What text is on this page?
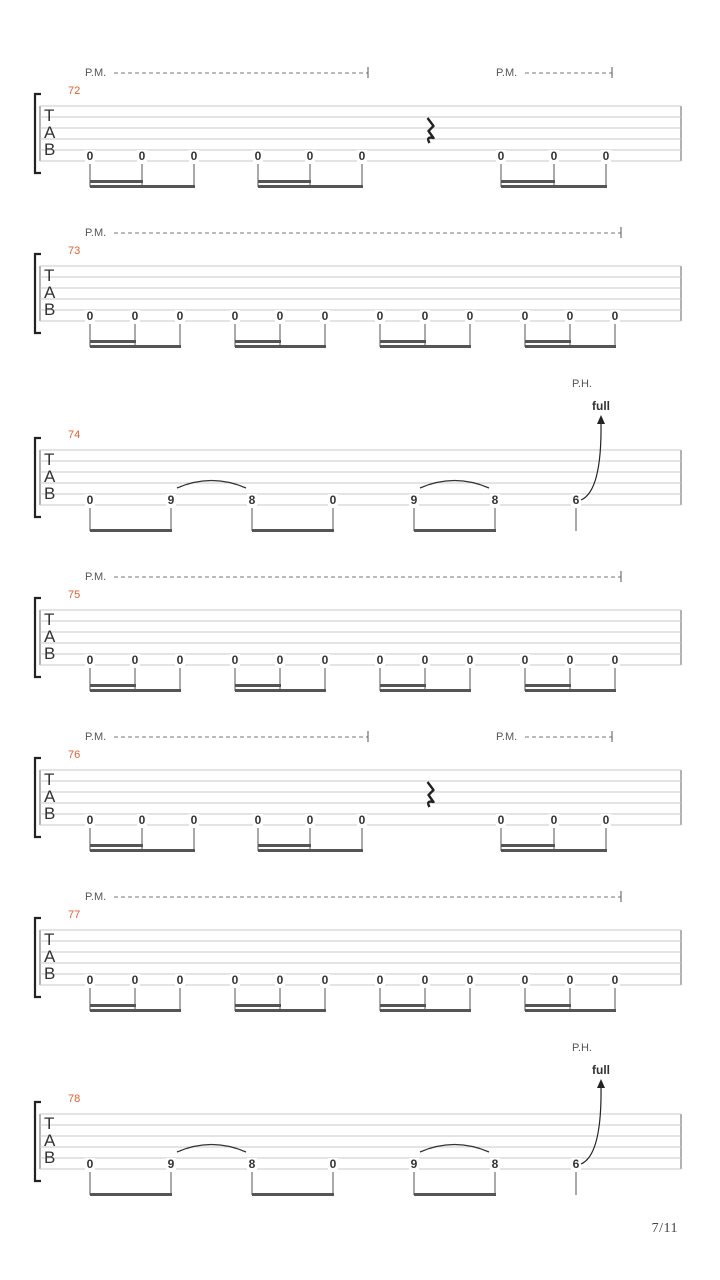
72
T
A
B
P.M.	P.M.
0	0	0	0	0	0	0	0	0
73
T
A
B
P.M.
0	0	0	0	0	0	0	0	0	0	0	0
74
T
A
B	0	9	8	0	9	8	6
full
P.H.
75
T
A
B
P.M.
0	0	0	0	0	0	0	0	0	0	0	0
76
T
A
B
P.M.	P.M.
0	0	0	0	0	0	0	0	0
77
T
A
B
P.M.
0	0	0	0	0	0	0	0	0	0	0	0
78
T
A
B	0	9	8	0	9	8	6
full
P.H.
7/11
